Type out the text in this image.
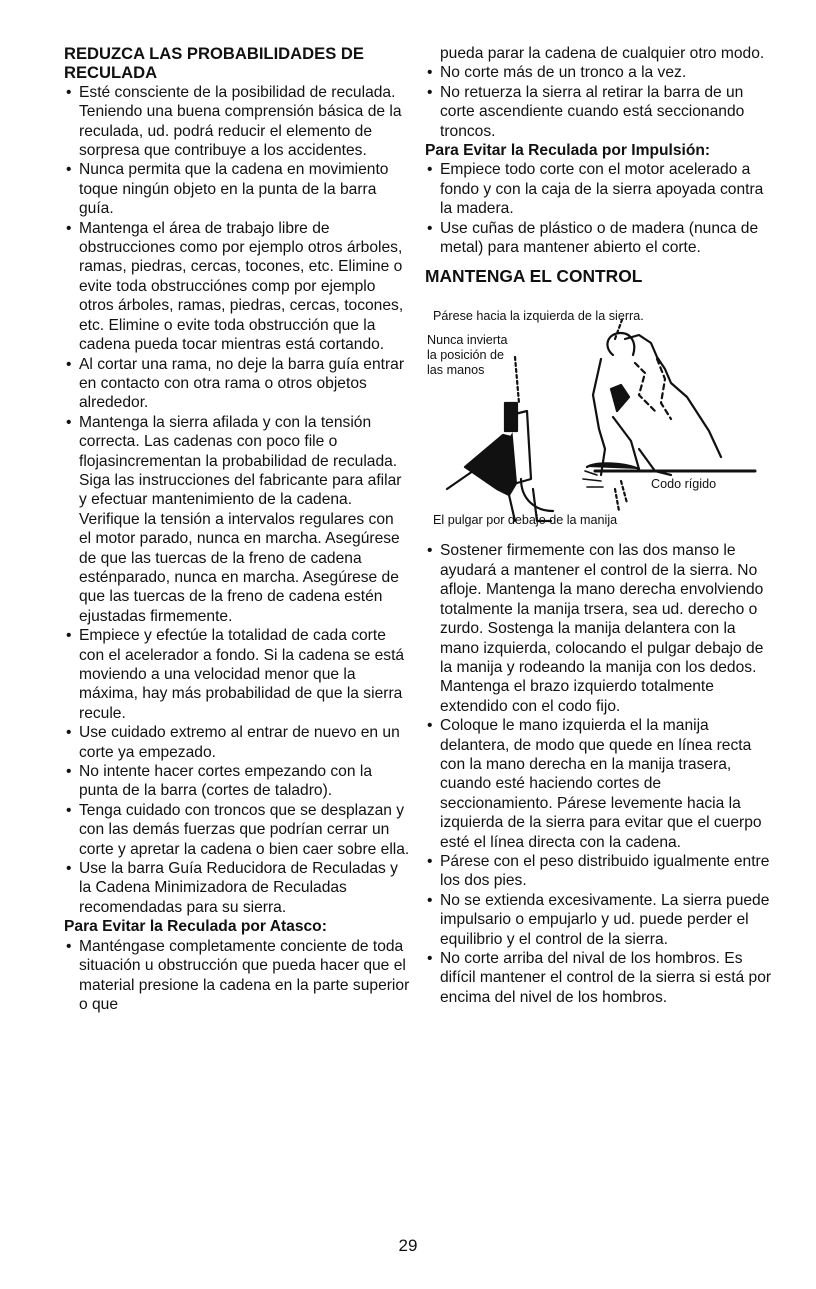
REDUZCA LAS PROBABILIDADES DE RECULADA
• Esté consciente de la posibilidad de reculada. Teniendo una buena comprensión básica de la reculada, ud. podrá reducir el elemento de sorpresa que contribuye a los accidentes.
• Nunca permita que la cadena en movimiento toque ningún objeto en la punta de la barra guía.
• Mantenga el área de trabajo libre de obstrucciones como por ejemplo otros árboles, ramas, piedras, cercas, tocones, etc. Elimine o evite toda obstrucciónes comp por ejemplo otros árboles, ramas, piedras, cercas, tocones, etc. Elimine o evite toda obstrucción que la cadena pueda tocar mientras está cortando.
• Al cortar una rama, no deje la barra guía entrar en contacto con otra rama o otros objetos alrededor.
• Mantenga la sierra afilada y con la tensión correcta. Las cadenas con poco file o flojasincrementan la probabilidad de reculada. Siga las instrucciones del fabricante para afilar y efectuar mantenimiento de la cadena. Verifique la tensión a intervalos regulares con el motor parado, nunca en marcha. Asegúrese de que las tuercas de la freno de cadena esténparado, nunca en marcha. Asegúrese de que las tuercas de la freno de cadena estén ejustadas firmemente.
• Empiece y efectúe la totalidad de cada corte con el acelerador a fondo. Si la cadena se está moviendo a una velocidad menor que la máxima, hay más probabilidad de que la sierra recule.
• Use cuidado extremo al entrar de nuevo en un corte ya empezado.
• No intente hacer cortes empezando con la punta de la barra (cortes de taladro).
• Tenga cuidado con troncos que se desplazan y con las demás fuerzas que podrían cerrar un corte y apretar la cadena o bien caer sobre ella.
• Use la barra Guía Reducidora de Reculadas y la Cadena Minimizadora de Reculadas recomendadas para su sierra.
Para Evitar la Reculada por Atasco:
• Manténgase completamente conciente de toda situación u obstrucción que pueda hacer que el material presione la cadena en la parte superior o que

pueda parar la cadena de cualquier otro modo.

• No corte más de un tronco a la vez.
• No retuerza la sierra al retirar la barra de un corte ascendiente cuando está seccionando troncos.
Para Evitar la Reculada por Impulsión:
• Empiece todo corte con el motor acelerado a fondo y con la caja de la sierra apoyada contra la madera.
• Use cuñas de plástico o de madera (nunca de metal) para mantener abierto el corte.
MANTENGA EL CONTROL
Párese hacia la izquierda de la sierra.
Nunca invierta
la posición de
las manos
Codo rígido
El pulgar por debajo de la manija
• Sostener firmemente con las dos manso le ayudará a mantener el control de la sierra. No afloje. Mantenga la mano derecha envolviendo totalmente la manija trsera, sea ud. derecho o zurdo. Sostenga la manija delantera con la mano izquierda, colocando el pulgar debajo de la manija y rodeando la manija con los dedos. Mantenga el brazo izquierdo totalmente extendido con el codo fijo.
• Coloque le mano izquierda el la manija delantera, de modo que quede en línea recta con la mano derecha en la manija trasera, cuando esté haciendo cortes de seccionamiento. Párese levemente hacia la izquierda de la sierra para evitar que el cuerpo esté el línea directa con la cadena.
• Párese con el peso distribuido igualmente entre los dos pies.
• No se extienda excesivamente. La sierra puede impulsario o empujarlo y ud. puede perder el equilibrio y el control de la sierra.
• No corte arriba del nival de los hombros. Es difícil mantener el control de la sierra si está por encima del nivel de los hombros.
29
